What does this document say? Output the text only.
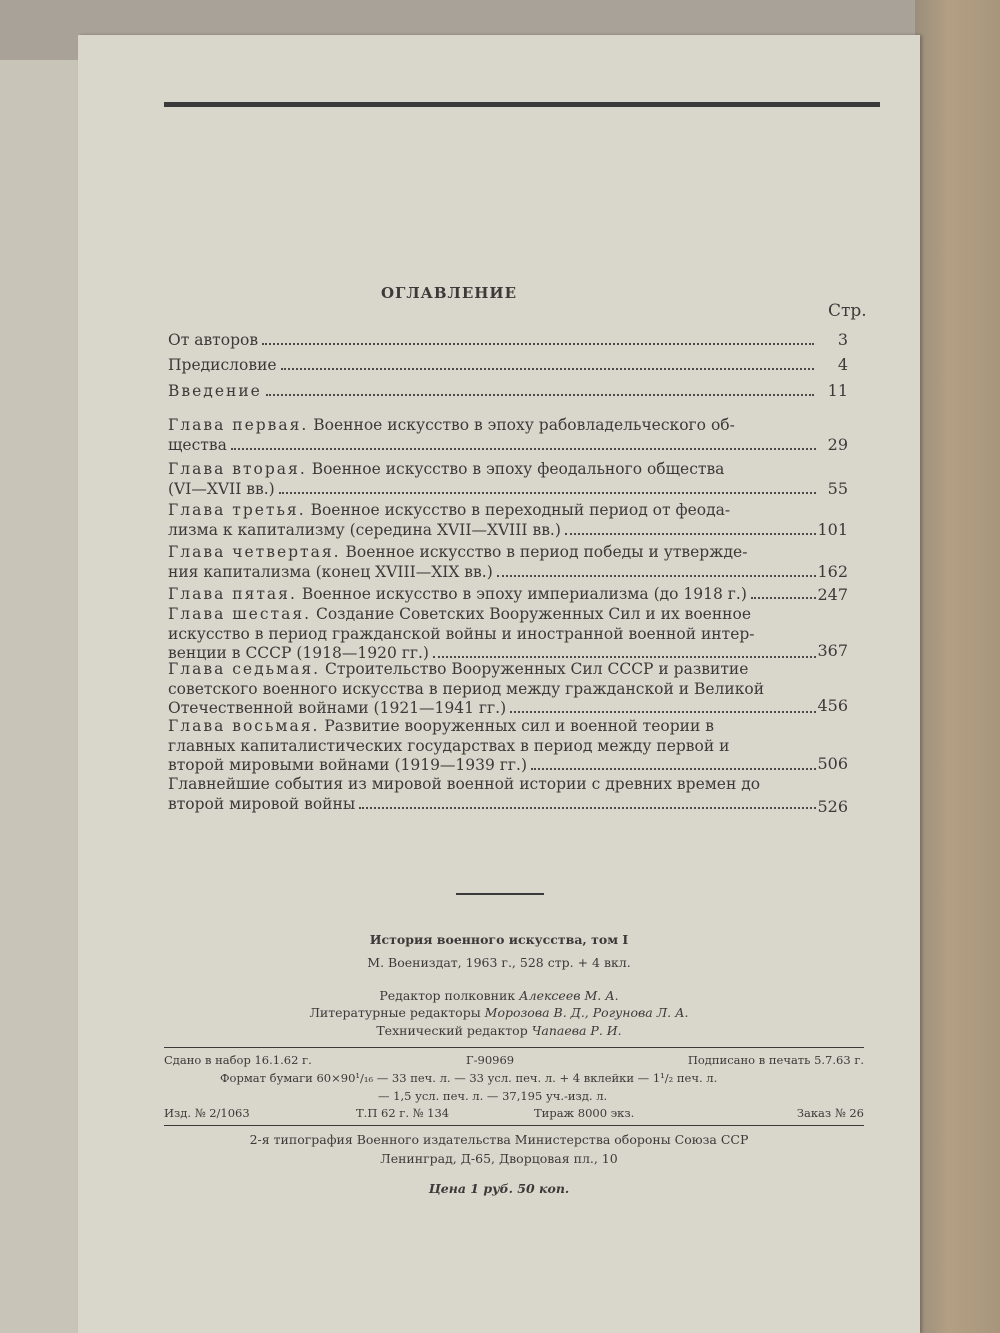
ОГЛАВЛЕНИЕ
Стр.
От авторов	3
Предисловие	4
Введение	11
Глава первая. Военное искусство в эпоху рабовладельческого об-
щества	29
Глава вторая. Военное искусство в эпоху феодального общества
(VI—XVII вв.)	55
Глава третья. Военное искусство в переходный период от феода-
лизма к капитализму (середина XVII—XVIII вв.)	101
Глава четвертая. Военное искусство в период победы и утвержде-
ния капитализма (конец XVIII—XIX вв.)	162
Глава пятая.
Военное искусство в эпоху империализма (до 1918 г.)	247
Глава шестая. Создание Советских Вооруженных Сил и их военное
искусство в период гражданской войны и иностранной военной интер-
венции в СССР (1918—1920 гг.)	367
Глава седьмая. Строительство Вооруженных Сил СССР и развитие
советского военного искусства в период между гражданской и Великой
Отечественной войнами (1921—1941 гг.)	456
Глава восьмая. Развитие вооруженных сил и военной теории в
главных капиталистических государствах в период между первой и
второй мировыми войнами (1919—1939 гг.)	506
Главнейшие события из мировой военной истории с древних времен до
второй мировой войны	526
История военного искусства, том I
М. Воениздат, 1963 г., 528 стр. + 4 вкл.
Редактор полковник Алексеев М. А.
Литературные редакторы Морозова В. Д., Рогунова Л. А.
Технический редактор Чапаева Р. И.
Сдано в набор 16.1.62 г.	Г-90969	Подписано в печать 5.7.63 г.
Формат бумаги 60×90¹/₁₆ — 33 печ. л. — 33 усл. печ. л. + 4 вклейки — 1¹/₂ печ. л.
— 1,5 усл. печ. л. — 37,195 уч.-изд. л.
Изд. № 2/1063	Т.П 62 г. № 134	Тираж 8000 экз.	Заказ № 26
2-я типография Военного издательства Министерства обороны Союза ССР
Ленинград, Д-65, Дворцовая пл., 10
Цена 1 руб. 50 коп.
